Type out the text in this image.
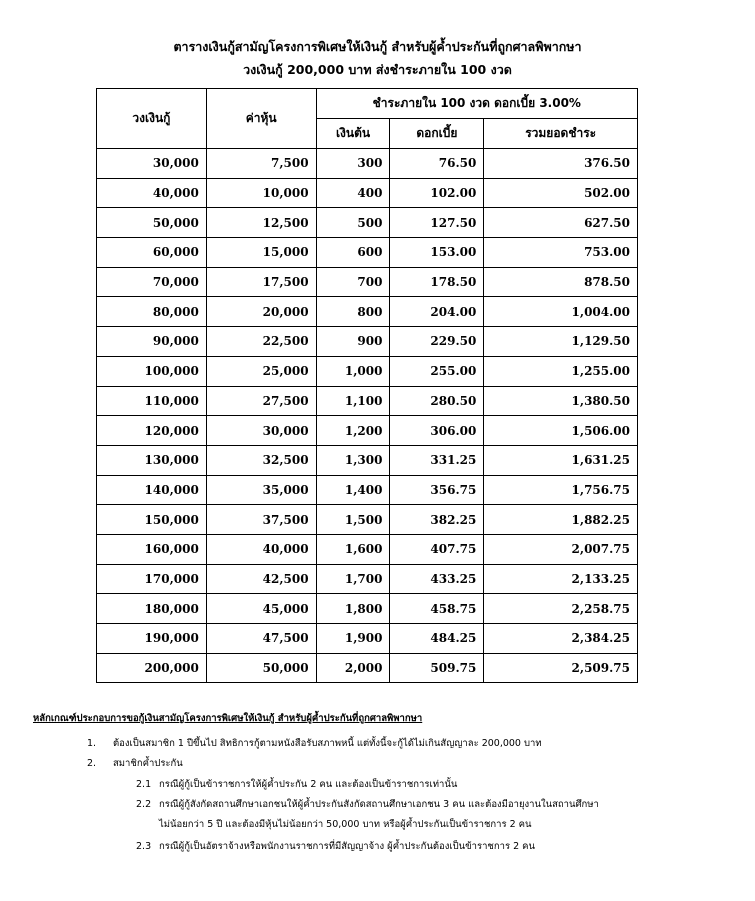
ตารางเงินกู้สามัญโครงการพิเศษให้เงินกู้ สำหรับผู้ค้ำประกันที่ถูกศาลพิพากษา
วงเงินกู้ 200,000 บาท ส่งชำระภายใน 100 งวด
วงเงินกู้	ค่าหุ้น	ชำระภายใน 100 งวด ดอกเบี้ย 3.00%		
		เงินต้น	ดอกเบี้ย	รวมยอดชำระ
30,000	7,500	300	76.50	376.50
40,000	10,000	400	102.00	502.00
50,000	12,500	500	127.50	627.50
60,000	15,000	600	153.00	753.00
70,000	17,500	700	178.50	878.50
80,000	20,000	800	204.00	1,004.00
90,000	22,500	900	229.50	1,129.50
100,000	25,000	1,000	255.00	1,255.00
110,000	27,500	1,100	280.50	1,380.50
120,000	30,000	1,200	306.00	1,506.00
130,000	32,500	1,300	331.25	1,631.25
140,000	35,000	1,400	356.75	1,756.75
150,000	37,500	1,500	382.25	1,882.25
160,000	40,000	1,600	407.75	2,007.75
170,000	42,500	1,700	433.25	2,133.25
180,000	45,000	1,800	458.75	2,258.75
190,000	47,500	1,900	484.25	2,384.25
200,000	50,000	2,000	509.75	2,509.75
หลักเกณฑ์ประกอบการขอกู้เงินสามัญโครงการพิเศษให้เงินกู้ สำหรับผู้ค้ำประกันที่ถูกศาลพิพากษา
1. ต้องเป็นสมาชิก 1 ปีขึ้นไป สิทธิการกู้ตามหนังสือรับสภาพหนี้ แต่ทั้งนี้จะกู้ได้ไม่เกินสัญญาละ 200,000 บาท
2. สมาชิกค้ำประกัน
2.1 กรณีผู้กู้เป็นข้าราชการให้ผู้ค้ำประกัน 2 คน และต้องเป็นข้าราชการเท่านั้น
2.2 กรณีผู้กู้สังกัดสถานศึกษาเอกชนให้ผู้ค้ำประกันสังกัดสถานศึกษาเอกชน 3 คน และต้องมีอายุงานในสถานศึกษา
ไม่น้อยกว่า 5 ปี และต้องมีหุ้นไม่น้อยกว่า 50,000 บาท หรือผู้ค้ำประกันเป็นข้าราชการ 2 คน
2.3 กรณีผู้กู้เป็นอัตราจ้างหรือพนักงานราชการที่มีสัญญาจ้าง ผู้ค้ำประกันต้องเป็นข้าราชการ 2 คน
